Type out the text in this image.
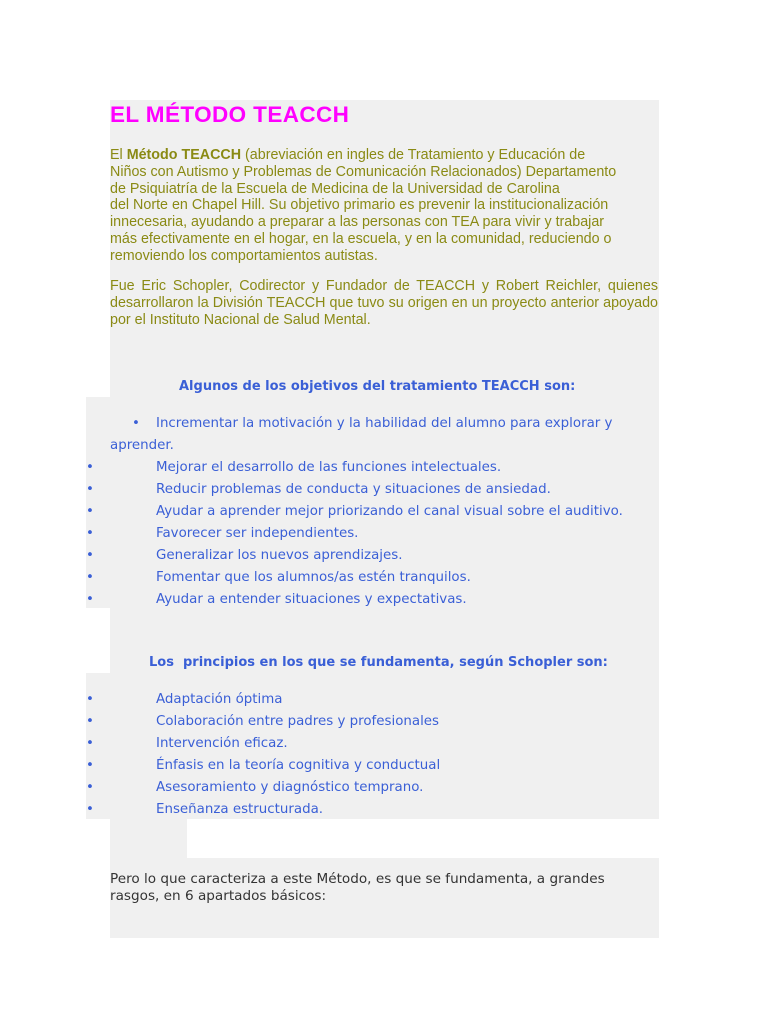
EL MÉTODO TEACCH

El Método TEACCH (abreviación en ingles de Tratamiento y Educación de
Niños con Autismo y Problemas de Comunicación Relacionados) Departamento
de Psiquiatría de la Escuela de Medicina de la Universidad de Carolina
del Norte en Chapel Hill. Su objetivo primario es prevenir la institucionalización
innecesaria, ayudando a preparar a las personas con TEA para vivir y trabajar
más efectivamente en el hogar, en la escuela, y en la comunidad, reduciendo o
removiendo los comportamientos autistas.

Fue Eric Schopler, Codirector y Fundador de TEACCH y Robert Reichler, quienes desarrollaron la División TEACCH que tuvo su origen en un proyecto anterior apoyado por el Instituto Nacional de Salud Mental.

Algunos de los objetivos del tratamiento TEACCH son:
• Incrementar la motivación y la habilidad del alumno para explorar y aprender.
•	Mejorar el desarrollo de las funciones intelectuales.
•	Reducir problemas de conducta y situaciones de ansiedad.
•	Ayudar a aprender mejor priorizando el canal visual sobre el auditivo.
•	Favorecer ser independientes.
•	Generalizar los nuevos aprendizajes.
•	Fomentar que los alumnos/as estén tranquilos.
•	Ayudar a entender situaciones y expectativas.
Los  principios en los que se fundamenta, según Schopler son:
•	Adaptación óptima
•	Colaboración entre padres y profesionales
•	Intervención eficaz.
•	Énfasis en la teoría cognitiva y conductual
•	Asesoramiento y diagnóstico temprano.
•	Enseñanza estructurada.

Pero lo que caracteriza a este Método, es que se fundamenta, a grandes rasgos, en 6 apartados básicos:
